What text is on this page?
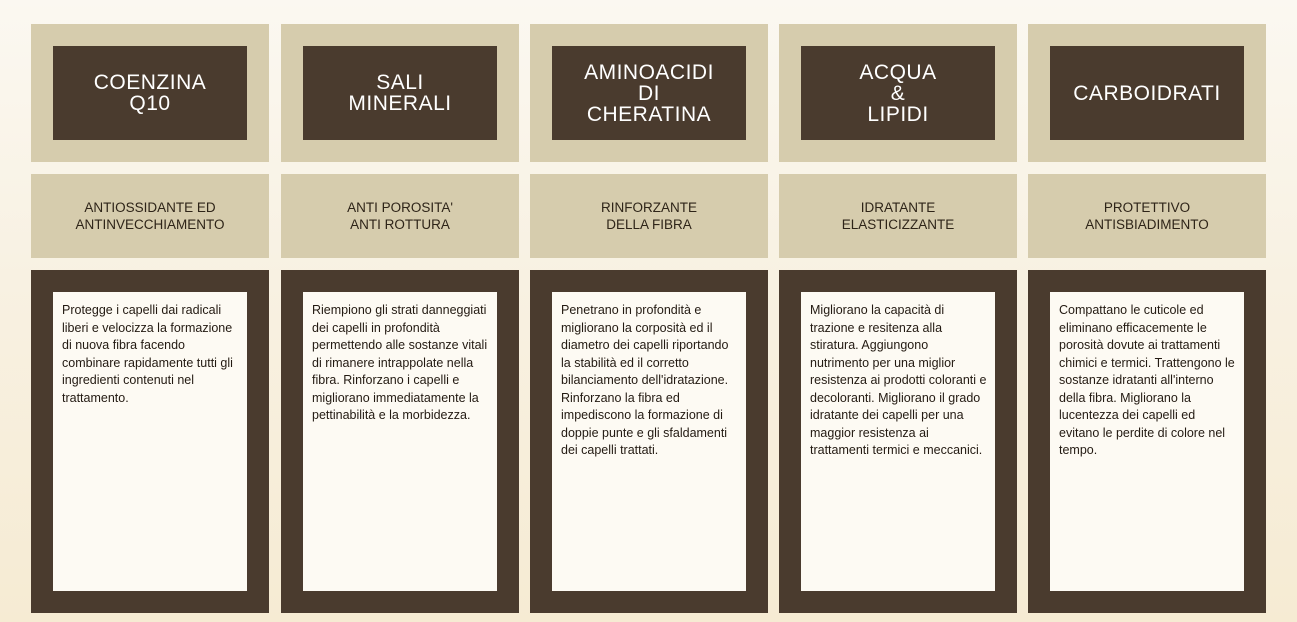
COENZINA
Q10
ANTIOSSIDANTE ED
ANTINVECCHIAMENTO
Protegge i capelli dai radicali liberi e velocizza la formazione di nuova fibra facendo combinare rapidamente tutti gli ingredienti contenuti nel trattamento.
SALI
MINERALI
ANTI POROSITA'
ANTI ROTTURA
Riempiono gli strati danneggiati dei capelli in profondità permettendo alle sostanze vitali di rimanere intrappolate nella fibra. Rinforzano i capelli e migliorano immediatamente la pettinabilità e la morbidezza.
AMINOACIDI
DI
CHERATINA
RINFORZANTE
DELLA FIBRA
Penetrano in profondità e migliorano la corposità ed il diametro dei capelli riportando la stabilità ed il corretto bilanciamento dell'idratazione. Rinforzano la fibra ed impediscono la formazione di doppie punte e gli sfaldamenti dei capelli trattati.
ACQUA
&
LIPIDI
IDRATANTE
ELASTICIZZANTE
Migliorano la capacità di trazione e resitenza alla stiratura. Aggiungono nutrimento per una miglior resistenza ai prodotti coloranti e decoloranti. Migliorano il grado idratante dei capelli per una maggior resistenza ai trattamenti termici e meccanici.
CARBOIDRATI
PROTETTIVO
ANTISBIADIMENTO
Compattano le cuticole ed eliminano efficacemente le porosità dovute ai trattamenti chimici e termici. Trattengono le sostanze idratanti all'interno della fibra. Migliorano la lucentezza dei capelli ed evitano le perdite di colore nel tempo.
